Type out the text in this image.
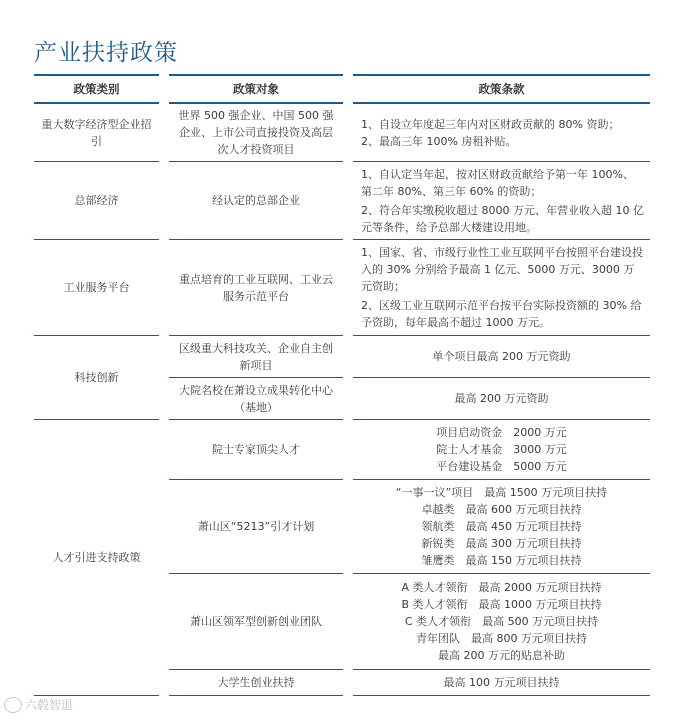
产业扶持政策
政策类别		政策对象		政策条款
重大数字经济型企业招引		世界 500 强企业、中国 500 强企业、上市公司直接投资及高层次人才投资项目		1、自设立年度起三年内对区财政贡献的 80% 资助；
2、最高三年 100% 房租补贴。

总部经济		经认定的总部企业		1、自认定当年起，按对区财政贡献给予第一年 100%、第二年 80%、第三年 60% 的资助；
2、符合年实缴税收超过 8000 万元、年营业收入超 10 亿元等条件，给予总部大楼建设用地。

工业服务平台		重点培育的工业互联网、工业云服务示范平台		1、国家、省、市级行业性工业互联网平台按照平台建设投入的 30% 分别给予最高 1 亿元、5000 万元、3000 万元资助；
2、区级工业互联网示范平台按平台实际投资额的 30% 给予资助，每年最高不超过 1000 万元。

科技创新		区级重大科技攻关、企业自主创新项目		单个项目最高 200 万元资助
		大院名校在萧设立成果转化中心（基地）		最高 200 万元资助
人才引进支持政策		院士专家顶尖人才		项目启动资金　2000 万元
院士人才基金　3000 万元
平台建设基金　5000 万元

		萧山区“5213”引才计划		“一事一议”项目　最高 1500 万元项目扶持
卓越类　最高 600 万元项目扶持
领航类　最高 450 万元项目扶持
新锐类　最高 300 万元项目扶持
雏鹰类　最高 150 万元项目扶持

		萧山区领军型创新创业团队		A 类人才领衔　最高 2000 万元项目扶持
B 类人才领衔　最高 1000 万元项目扶持
C 类人才领衔　最高 500 万元项目扶持
青年团队　最高 800 万元项目扶持
最高 200 万元的贴息补助

		大学生创业扶持		最高 100 万元项目扶持
六毂智退
